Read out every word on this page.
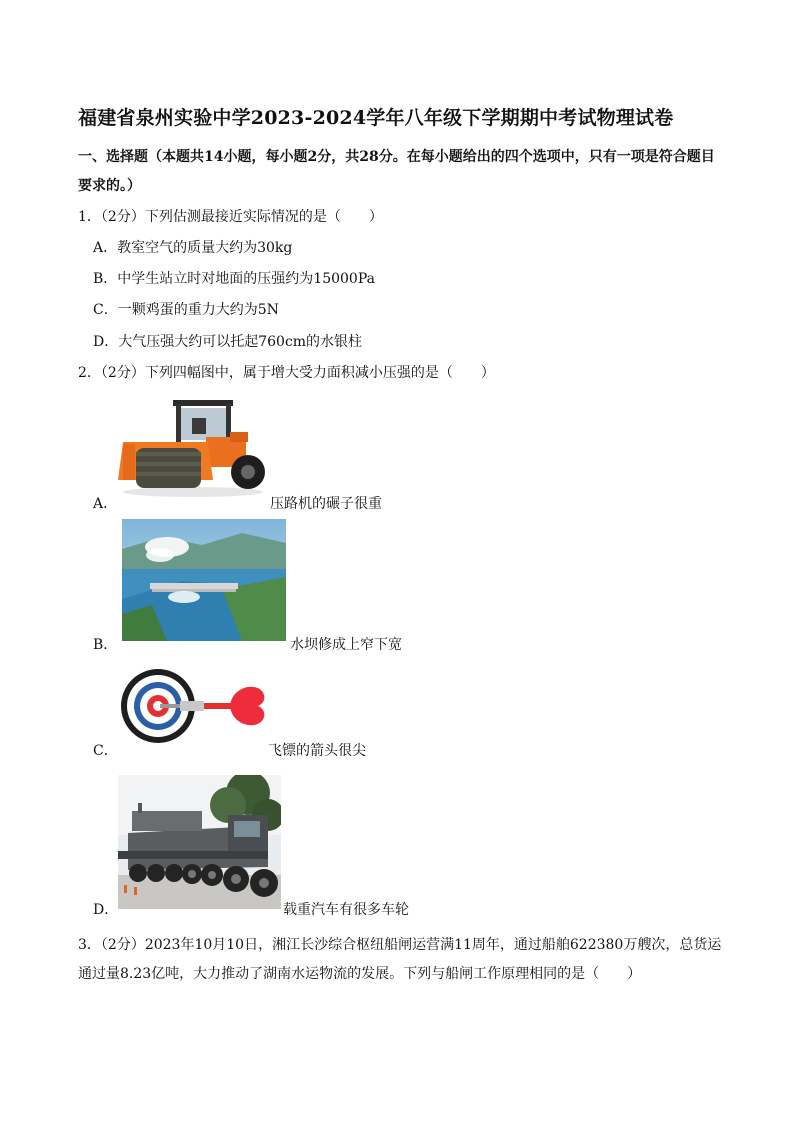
福建省泉州实验中学2023-2024学年八年级下学期期中考试物理试卷
一、选择题（本题共14小题，每小题2分，共28分。在每小题给出的四个选项中，只有一项是符合题目要求的。）
1．（2分）下列估测最接近实际情况的是（　　）
A．教室空气的质量大约为30kg
B．中学生站立时对地面的压强约为15000Pa
C．一颗鸡蛋的重力大约为5N
D．大气压强大约可以托起760cm的水银柱
2．（2分）下列四幅图中，属于增大受力面积减小压强的是（　　）
A．	压路机的碾子很重
B．	水坝修成上窄下宽
C．	飞镖的箭头很尖
D．	载重汽车有很多车轮
3．（2分）2023年10月10日，湘江长沙综合枢纽船闸运营满11周年，通过船舶622380万艘次，总货运通过量8.23亿吨，大力推动了湖南水运物流的发展。下列与船闸工作原理相同的是（　　）
